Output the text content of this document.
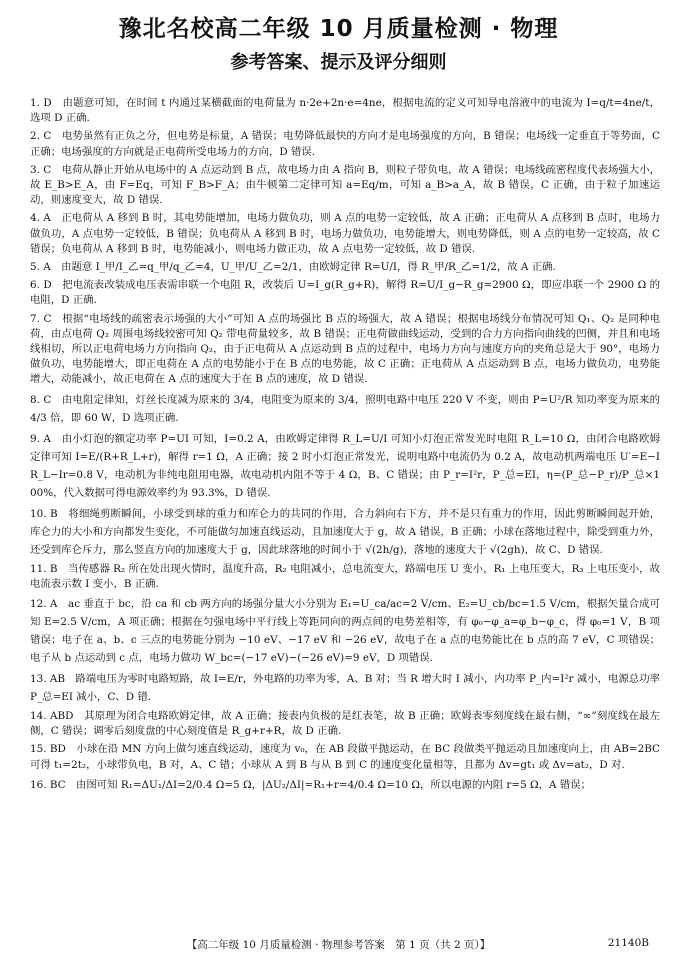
豫北名校高二年级 10 月质量检测 · 物理
参考答案、提示及评分细则
1. D　由题意可知，在时间 t 内通过某横截面的电荷量为 n·2e+2n·e=4ne，根据电流的定义可知导电溶液中的电流为 I=q/t=4ne/t，选项 D 正确.
2. C　电势虽然有正负之分，但电势是标量，A 错误；电势降低最快的方向才是电场强度的方向，B 错误；电场线一定垂直于等势面，C 正确；电场强度的方向就是正电荷所受电场力的方向，D 错误.
3. C　电荷从静止开始从电场中的 A 点运动到 B 点，故电场力由 A 指向 B，则粒子带负电，故 A 错误；电场线疏密程度代表场强大小，故 E_B>E_A，由 F=Eq，可知 F_B>F_A；由牛顿第二定律可知 a=Eq/m，可知 a_B>a_A，故 B 错误，C 正确，由于粒子加速运动，则速度变大，故 D 错误.
4. A　正电荷从 A 移到 B 时，其电势能增加，电场力做负功，则 A 点的电势一定较低，故 A 正确；正电荷从 A 点移到 B 点时，电场力做负功，A 点电势一定较低，B 错误；负电荷从 A 移到 B 时，电场力做负功，电势能增大，则电势降低，则 A 点的电势一定较高，故 C 错误；负电荷从 A 移到 B 时，电势能减小，则电场力做正功，故 A 点电势一定较低，故 D 错误.
5. A　由题意 I_甲/I_乙=q_甲/q_乙=4，U_甲/U_乙=2/1，由欧姆定律 R=U/I，得 R_甲/R_乙=1/2，故 A 正确.
6. D　把电流表改装成电压表需串联一个电阻 R，改装后 U=I_g(R_g+R)，解得 R=U/I_g−R_g=2900 Ω，即应串联一个 2900 Ω 的电阻，D 正确.
7. C　根据“电场线的疏密表示场强的大小”可知 A 点的场强比 B 点的场强大，故 A 错误；根据电场线分布情况可知 Q₁、Q₂ 是同种电荷，由点电荷 Q₂ 周围电场线较密可知 Q₂ 带电荷量较多，故 B 错误；正电荷做曲线运动，受到的合力方向指向曲线的凹侧，并且和电场线相切，所以正电荷电场力方向指向 Q₂，由于正电荷从 A 点运动到 B 点的过程中，电场力方向与速度方向的夹角总是大于 90°，电场力做负功，电势能增大，即正电荷在 A 点的电势能小于在 B 点的电势能，故 C 正确；正电荷从 A 点运动到 B 点，电场力做负功，电势能增大，动能减小，故正电荷在 A 点的速度大于在 B 点的速度，故 D 错误.
8. C　由电阻定律知，灯丝长度减为原来的 3/4，电阻变为原来的 3/4，照明电路中电压 220 V 不变，则由 P=U²/R 知功率变为原来的 4/3 倍，即 60 W，D 选项正确.
9. A　由小灯泡的额定功率 P=UI 可知，I=0.2 A，由欧姆定律得 R_L=U/I 可知小灯泡正常发光时电阻 R_L=10 Ω，由闭合电路欧姆定律可知 I=E/(R+R_L+r)，解得 r=1 Ω，A 正确；接 2 时小灯泡正常发光，说明电路中电流仍为 0.2 A，故电动机两端电压 U′=E−IR_L−Ir=0.8 V，电动机为非纯电阻用电器，故电动机内阻不等于 4 Ω，B、C 错误；由 P_r=I²r，P_总=EI，η=(P_总−P_r)/P_总×100%，代入数据可得电源效率约为 93.3%，D 错误.
10. B　将细绳剪断瞬间，小球受到球的重力和库仑力的共同的作用，合力斜向右下方，并不是只有重力的作用，因此剪断瞬间起开始，库仑力的大小和方向都发生变化，不可能做匀加速直线运动，且加速度大于 g，故 A 错误，B 正确；小球在落地过程中，除受到重力外，还受到库仑斥力，那么竖直方向的加速度大于 g，因此球落地的时间小于 √(2h/g)，落地的速度大于 √(2gh)，故 C、D 错误.
11. B　当传感器 R₂ 所在处出现火情时，温度升高，R₂ 电阻减小，总电流变大，路端电压 U 变小，R₁ 上电压变大，R₃ 上电压变小，故电流表示数 I 变小，B 正确.
12. A　ac 垂直于 bc，沿 ca 和 cb 两方向的场强分量大小分别为 E₁=U_ca/ac=2 V/cm、E₂=U_cb/bc=1.5 V/cm，根据矢量合成可知 E=2.5 V/cm，A 项正确；根据在匀强电场中平行线上等距同向的两点间的电势差相等，有 φ₀−φ_a=φ_b−φ_c，得 φ₀=1 V，B 项错误；电子在 a、b、c 三点的电势能分别为 −10 eV、−17 eV 和 −26 eV，故电子在 a 点的电势能比在 b 点的高 7 eV，C 项错误；电子从 b 点运动到 c 点，电场力做功 W_bc=(−17 eV)−(−26 eV)=9 eV，D 项错误.
13. AB　路端电压为零时电路短路，故 I=E/r，外电路的功率为零，A、B 对；当 R 增大时 I 减小，内功率 P_内=I²r 减小，电源总功率 P_总=EI 减小，C、D 错.
14. ABD　其原理为闭合电路欧姆定律，故 A 正确；接表内负极的是红表笔，故 B 正确；欧姆表零刻度线在最右侧，“∞”刻度线在最左侧，C 错误；调零后刻度盘的中心刻度值是 R_g+r+R，故 D 正确.
15. BD　小球在沿 MN 方向上做匀速直线运动，速度为 v₀，在 AB 段做平抛运动，在 BC 段做类平抛运动且加速度向上，由 AB=2BC 可得 t₁=2t₂，小球带负电，B 对，A、C 错；小球从 A 到 B 与从 B 到 C 的速度变化量相等，且都为 Δv=gt₁ 或 Δv=at₂，D 对.
16. BC　由图可知 R₁=ΔU₁/ΔI=2/0.4 Ω=5 Ω，|ΔU₂/ΔI|=R₁+r=4/0.4 Ω=10 Ω，所以电源的内阻 r=5 Ω，A 错误；
【高二年级 10 月质量检测 · 物理参考答案　第 1 页（共 2 页）】	21140B
